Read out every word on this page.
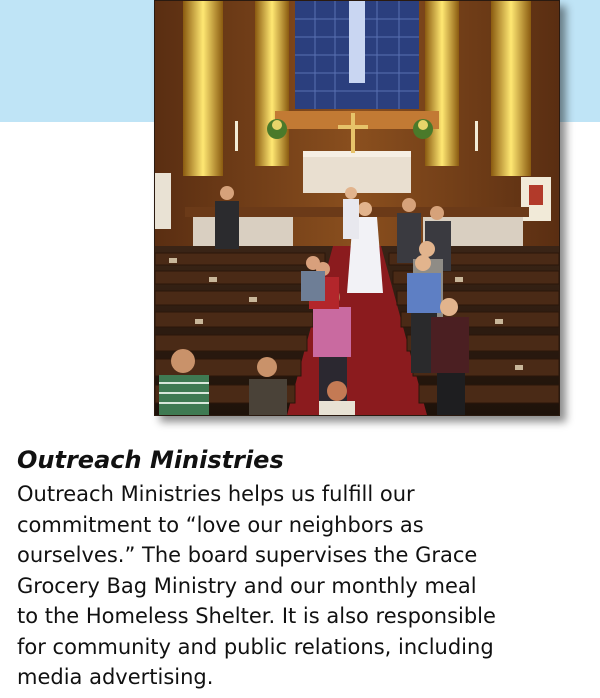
Outreach Ministries

Outreach Ministries helps us fulfill our
commitment to “love our neighbors as
ourselves.” The board supervises the Grace
Grocery Bag Ministry and our monthly meal
to the Homeless Shelter. It is also responsible
for community and public relations, including
media advertising.
